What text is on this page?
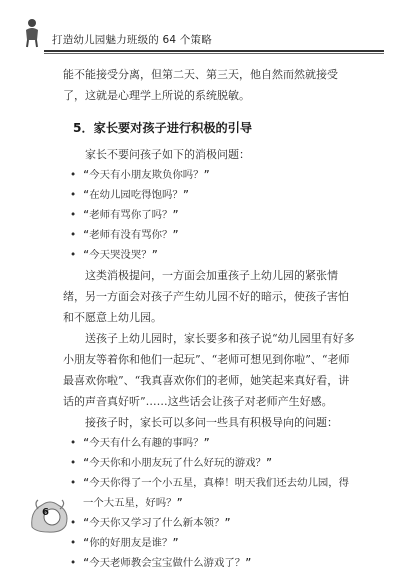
打造幼儿园魅力班级的 64 个策略

能不能接受分离，但第二天、第三天，他自然而然就接受了，这就是心理学上所说的系统脱敏。

5．家长要对孩子进行积极的引导

家长不要问孩子如下的消极问题：

• “今天有小朋友欺负你吗？”
• “在幼儿园吃得饱吗？”
• “老师有骂你了吗？”
• “老师有没有骂你？”
• “今天哭没哭？”

这类消极提问，一方面会加重孩子上幼儿园的紧张情绪，另一方面会对孩子产生幼儿园不好的暗示，使孩子害怕和不愿意上幼儿园。

送孩子上幼儿园时，家长要多和孩子说“幼儿园里有好多小朋友等着你和他们一起玩”、“老师可想见到你啦”、“老师最喜欢你啦”、“我真喜欢你们的老师，她笑起来真好看，讲话的声音真好听”……这些话会让孩子对老师产生好感。

接孩子时，家长可以多问一些具有积极导向的问题：

• “今天有什么有趣的事吗？”
• “今天你和小朋友玩了什么好玩的游戏？”
• “今天你得了一个小五星，真棒！明天我们还去幼儿园，得一个大五星，好吗？”
• “今天你又学习了什么新本领？”
• “你的好朋友是谁？”
• “今天老师教会宝宝做什么游戏了？”
6
